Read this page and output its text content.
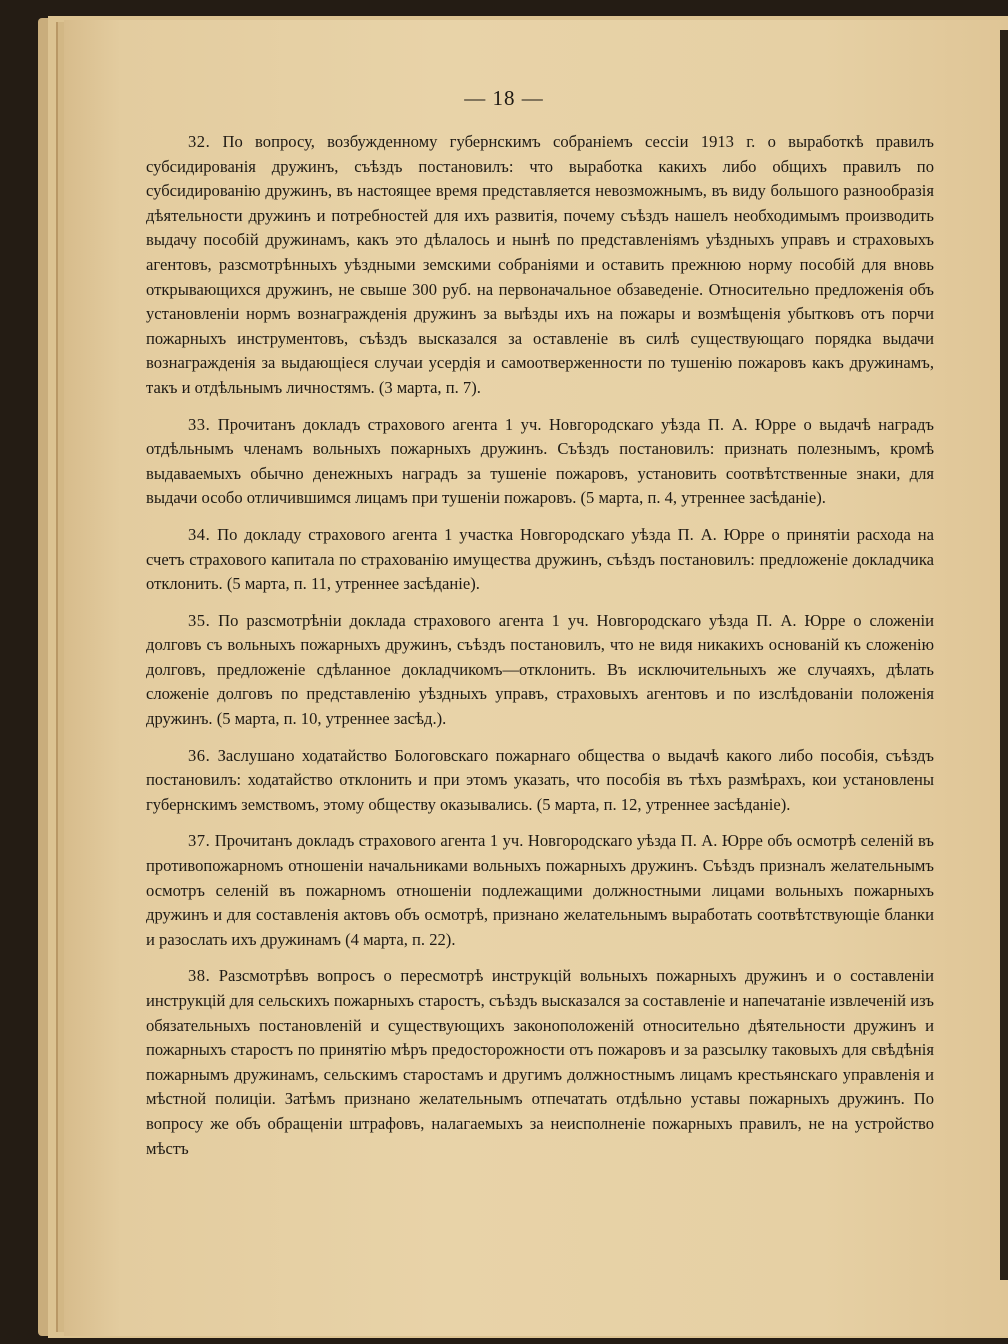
— 18 —

32. По вопросу, возбужденному губернскимъ собраніемъ сессіи 1913 г. о выработкѣ правилъ субсидированія дружинъ, съѣздъ постановилъ: что выработка какихъ либо общихъ правилъ по субсидированію дружинъ, въ настоящее время представляется невозможнымъ, въ виду большого разнообразія дѣятельности дружинъ и потребностей для ихъ развитія, почему съѣздъ нашелъ необходимымъ производить выдачу пособій дружинамъ, какъ это дѣлалось и нынѣ по представленіямъ уѣздныхъ управъ и страховыхъ агентовъ, разсмотрѣнныхъ уѣздными земскими собраніями и оставить прежнюю норму пособій для вновь открывающихся дружинъ, не свыше 300 руб. на первоначальное обзаведеніе. Относительно предложенія объ установленіи нормъ вознагражденія дружинъ за выѣзды ихъ на пожары и возмѣщенія убытковъ отъ порчи пожарныхъ инструментовъ, съѣздъ высказался за оставленіе въ силѣ существующаго порядка выдачи вознагражденія за выдающіеся случаи усердія и самоотверженности по тушенію пожаровъ какъ дружинамъ, такъ и отдѣльнымъ личностямъ. (3 марта, п. 7).

33. Прочитанъ докладъ страхового агента 1 уч. Новгородскаго уѣзда П. А. Юрре о выдачѣ наградъ отдѣльнымъ членамъ вольныхъ пожарныхъ дружинъ. Съѣздъ постановилъ: признать полезнымъ, кромѣ выдаваемыхъ обычно денежныхъ наградъ за тушеніе пожаровъ, установить соотвѣтственные знаки, для выдачи особо отличившимся лицамъ при тушеніи пожаровъ. (5 марта, п. 4, утреннее засѣданіе).

34. По докладу страхового агента 1 участка Новгородскаго уѣзда П. А. Юрре о принятіи расхода на счетъ страхового капитала по страхованію имущества дружинъ, съѣздъ постановилъ: предложеніе докладчика отклонить. (5 марта, п. 11, утреннее засѣданіе).

35. По разсмотрѣніи доклада страхового агента 1 уч. Новгородскаго уѣзда П. А. Юрре о сложеніи долговъ съ вольныхъ пожарныхъ дружинъ, съѣздъ постановилъ, что не видя никакихъ основаній къ сложенію долговъ, предложеніе сдѣланное докладчикомъ—отклонить. Въ исключительныхъ же случаяхъ, дѣлать сложеніе долговъ по представленію уѣздныхъ управъ, страховыхъ агентовъ и по изслѣдованіи положенія дружинъ. (5 марта, п. 10, утреннее засѣд.).

36. Заслушано ходатайство Бологовскаго пожарнаго общества о выдачѣ какого либо пособія, съѣздъ постановилъ: ходатайство отклонить и при этомъ указать, что пособія въ тѣхъ размѣрахъ, кои установлены губернскимъ земствомъ, этому обществу оказывались. (5 марта, п. 12, утреннее засѣданіе).

37. Прочитанъ докладъ страхового агента 1 уч. Новгородскаго уѣзда П. А. Юрре объ осмотрѣ селеній въ противопожарномъ отношеніи начальниками вольныхъ пожарныхъ дружинъ. Съѣздъ призналъ желательнымъ осмотръ селеній въ пожарномъ отношеніи подлежащими должностными лицами вольныхъ пожарныхъ дружинъ и для составленія актовъ объ осмотрѣ, признано желательнымъ выработать соотвѣтствующіе бланки и разослать ихъ дружинамъ (4 марта, п. 22).

38. Разсмотрѣвъ вопросъ о пересмотрѣ инструкцій вольныхъ пожарныхъ дружинъ и о составленіи инструкцій для сельскихъ пожарныхъ старостъ, съѣздъ высказался за составленіе и напечатаніе извлеченій изъ обязательныхъ постановленій и существующихъ законоположеній относительно дѣятельности дружинъ и пожарныхъ старостъ по принятію мѣръ предосторожности отъ пожаровъ и за разсылку таковыхъ для свѣдѣнія пожарнымъ дружинамъ, сельскимъ старостамъ и другимъ должностнымъ лицамъ крестьянскаго управленія и мѣстной полиціи. Затѣмъ признано желательнымъ отпечатать отдѣльно уставы пожарныхъ дружинъ. По вопросу же объ обращеніи штрафовъ, налагаемыхъ за неисполненіе пожарныхъ правилъ, не на устройство мѣстъ
